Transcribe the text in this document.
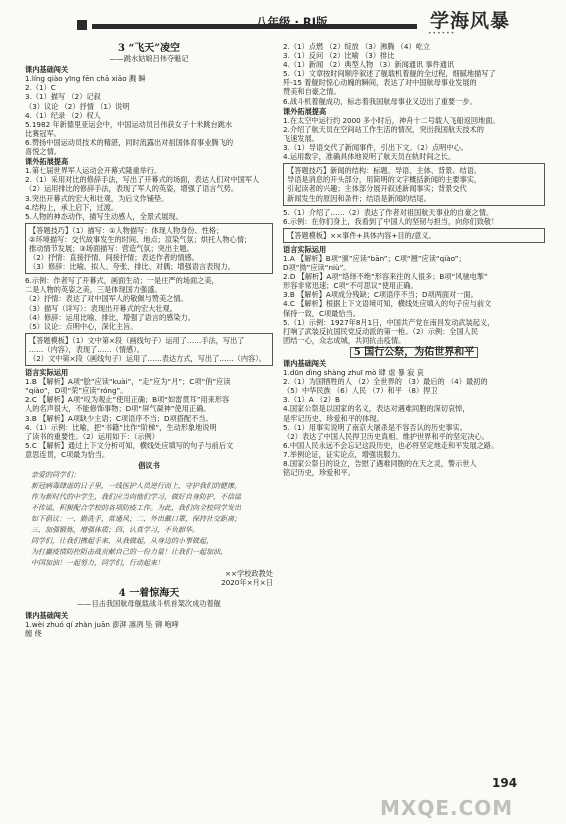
八年级 · RJ版	学海风暴
••••••
3 “飞天”凌空
——跳水姑娘吕伟夺魁记
课内基础闯关
1.líng qiào yīng fēn chā xiāo 溅 瞬
2.（1）C
3.（1）描写 （2）记叙
（3）议论 （2）抒情 （1）说明
4.（1）纪录 （2）权人
5.1982 年新德里亚运会中，中国运动员吕伟获女子十米跳台跳水
比赛冠军。
6.赞扬中国运动员技术的精湛，同时流露出对祖国体育事业腾飞的
喜悦之情。
课外拓展提高
1.第七届世界军人运动会开幕式隆重举行。
2.（1）采用对比的修辞手法，写出了开幕式的场面，表达人们对中国军人
（2）运用排比的修辞手法，表现了军人的英姿，增强了语言气势。
3.突出开幕式的宏大和壮观，为后文作铺垫。
4.结构上，承上启下，过渡。
5.人物的神态动作，描写生动感人，全景式展现。
【答题技巧】（1）描写：①人物描写：体现人物身份、性格；
②环境描写：交代故事发生的时间、地点；渲染气氛；烘托人物心情；
推动情节发展；③场面描写：营造气氛；突出主题。
（2）抒情：直接抒情、间接抒情；表达作者的情感。
（3）修辞：比喻、拟人、夸张、排比、对偶；增强语言表现力。
6.示例：作者写了开幕式，画面生动；一是庄严的场面之美，
二是人物的英姿之美，三是体现国力强盛。
（2）抒情：表达了对中国军人的敬佩与赞美之情。
（3）描写（详写）：表现出开幕式的宏大壮观。
（4）修辞：运用比喻、排比，增强了语言的感染力。
（5）议论：点明中心，深化主旨。
【答题模板】（1）文中第×段（画线句子）运用了……手法，写出了
……（内容），表现了……（情感）。
（2）文中第×段（画线句子）运用了……表达方式，写出了……（内容）。
语言实际运用
1.B 【解析】A项“脍”应读“kuài”，“走”应为“月”；C项“俏”应读
“qiào”，D项“荣”应读“róng”。
2.C 【解析】A项“叹为观止”使用正确；B项“如雷贯耳”用来形容
人的名声很大，不能修饰事物；D项“屏气凝神”使用正确。
3.B 【解析】A项缺少主语；C项语序不当；D项搭配不当。
4.（1）示例：比喻，把“书籍”比作“阶梯”，生动形象地说明
了读书的重要性。（2）运用如下：（示例）
5.C 【解析】通过上下文分析可知，横线处应填写的句子与前后文
意思连贯，C项最为恰当。
倡议书
亲爱的同学们：
新冠病毒肆虐的日子里，一线医护人员逆行而上，守护我们的健康。
作为新时代的中学生，我们应当向他们学习，做好自身防护，不信谣
不传谣，积极配合学校的各项防疫工作。为此，我们向全校同学发出
如下倡议：一、勤洗手，常通风；二、外出戴口罩，保持社交距离；
三、加强锻炼，增强体质；四、认真学习，不负韶华。
同学们，让我们携起手来，从我做起，从身边的小事做起，
为打赢疫情防控阻击战贡献自己的一份力量！让我们一起加油，
中国加油！一起努力，同学们，行动起来！
××学校政教处
2020年×月×日
4 一着惊海天
——目击我国航母舰载战斗机首架次成功着舰
课内基础闯关
1.wèi zhuó qí zhàn juān 澎湃 凛冽 坠 铆 咆哮
缠 绕
2.（1）点燃 （2）绽放 （3）沸腾 （4）屹立
3.（1）反问 （2）比喻 （3）排比
4.（1）新闻 （2）典型人物 （3）新闻通讯 事件通讯
5.（1）文章按时间顺序叙述了舰载机着舰的全过程，细腻地描写了
歼-15 着舰时惊心动魄的瞬间，表达了对中国航母事业发展的
赞美和自豪之情。
6.战斗机着舰成功，标志着我国航母事业又迈出了重要一步。
课外拓展提高
1.在太空中运行约 2000 多小时后，神舟十二号载人飞船返回地面。
2.介绍了航天员在空间站工作生活的情况，突出我国航天技术的
飞速发展。
3.（1）导语交代了新闻事件，引出下文。（2）点明中心。
4.运用数字，准确具体地说明了航天员在轨时间之长。
【答题技巧】新闻的结构：标题、导语、主体、背景、结语。
导语是消息的开头部分，用简明的文字概括新闻的主要事实，
引起读者的兴趣；主体部分展开叙述新闻事实；背景交代
新闻发生的原因和条件；结语是新闻的结尾。
5.（1）介绍了……（2）表达了作者对祖国航天事业的自豪之情。
6.示例：在你们身上，我看到了中国人的坚韧与担当，向你们致敬！
【答题模板】××事件+具体内容+目的/意义。
语言实际运用
1.A 【解析】B项“颁”应读“bān”；C项“翘”应读“qiào”；
D项“拗”应读“niù”。
2.D 【解析】A项“络绎不绝”形容来往的人很多；B项“风驰电掣”
形容非常迅速；C项“不可思议”使用正确。
3.B 【解析】A项成分残缺；C项语序不当；D项两面对一面。
4.C 【解析】根据上下文语境可知，横线处应填入的句子应与前文
保持一致，C项最恰当。
5.（1）示例：1927年8月1日，中国共产党在南昌发动武装起义，
打响了武装反抗国民党反动派的第一枪。（2）示例：全国人民
团结一心，众志成城，共同抗击疫情。
5 国行公祭，为佑世界和平
课内基础闯关
1.dūn dìng shàng zhuī mò 肆 虐 暴 寂 哀
2.（1）为国牺牲的人 （2）全世界的 （3）最后的 （4）最初的
（5）中华民族 （6）人民 （7）和平 （8）捍卫
3.（1）A （2）B
4.国家公祭是以国家的名义，表达对遇难同胞的深切哀悼，
是牢记历史、珍爱和平的体现。
5.（1）用事实说明了南京大屠杀是不容否认的历史事实。
（2）表达了中国人民捍卫历史真相、维护世界和平的坚定决心。
6.中国人民永远不会忘记这段历史，也必将坚定地走和平发展之路。
7.举例论证，证实论点，增强说服力。
8.国家公祭日的设立，告慰了遇难同胞的在天之灵，警示世人
铭记历史，珍爱和平。
194
MXQE.COM
